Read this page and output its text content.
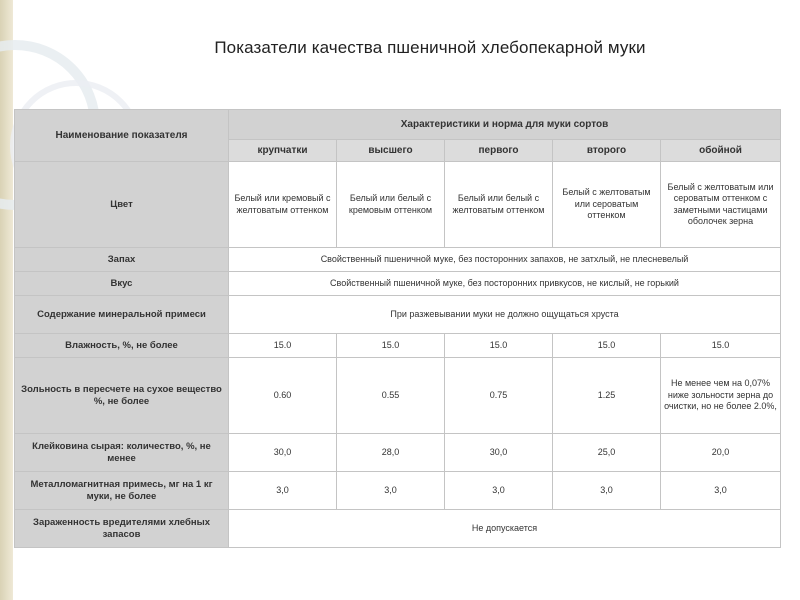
Показатели качества пшеничной хлебопекарной муки
Наименование показателя	Характеристики и норма для муки сортов				
	крупчатки	высшего	первого	второго	обойной
Цвет	Белый или кремовый с желтоватым оттенком	Белый или белый с кремовым оттенком	Белый или белый с желтоватым оттенком	Белый с желтоватым или сероватым оттенком	Белый с желтоватым или сероватым оттенком с заметными частицами оболочек зерна
Запах	Свойственный пшеничной муке, без посторонних запахов, не затхлый, не плесневелый				
Вкус	Свойственный пшеничной муке, без посторонних привкусов, не кислый, не горький				
Содержание минеральной примеси	При разжевывании муки не должно ощущаться хруста				
Влажность, %, не более	15.0	15.0	15.0	15.0	15.0
Зольность в пересчете на сухое вещество %, не более	0.60	0.55	0.75	1.25	Не менее чем на 0,07% ниже зольности зерна до очистки, но не более 2.0%,
Клейковина сырая: количество, %, не менее	30,0	28,0	30,0	25,0	20,0
Металломагнитная примесь, мг на 1 кг муки, не более	3,0	3,0	3,0	3,0	3,0
Зараженность вредителями хлебных запасов	Не допускается				
